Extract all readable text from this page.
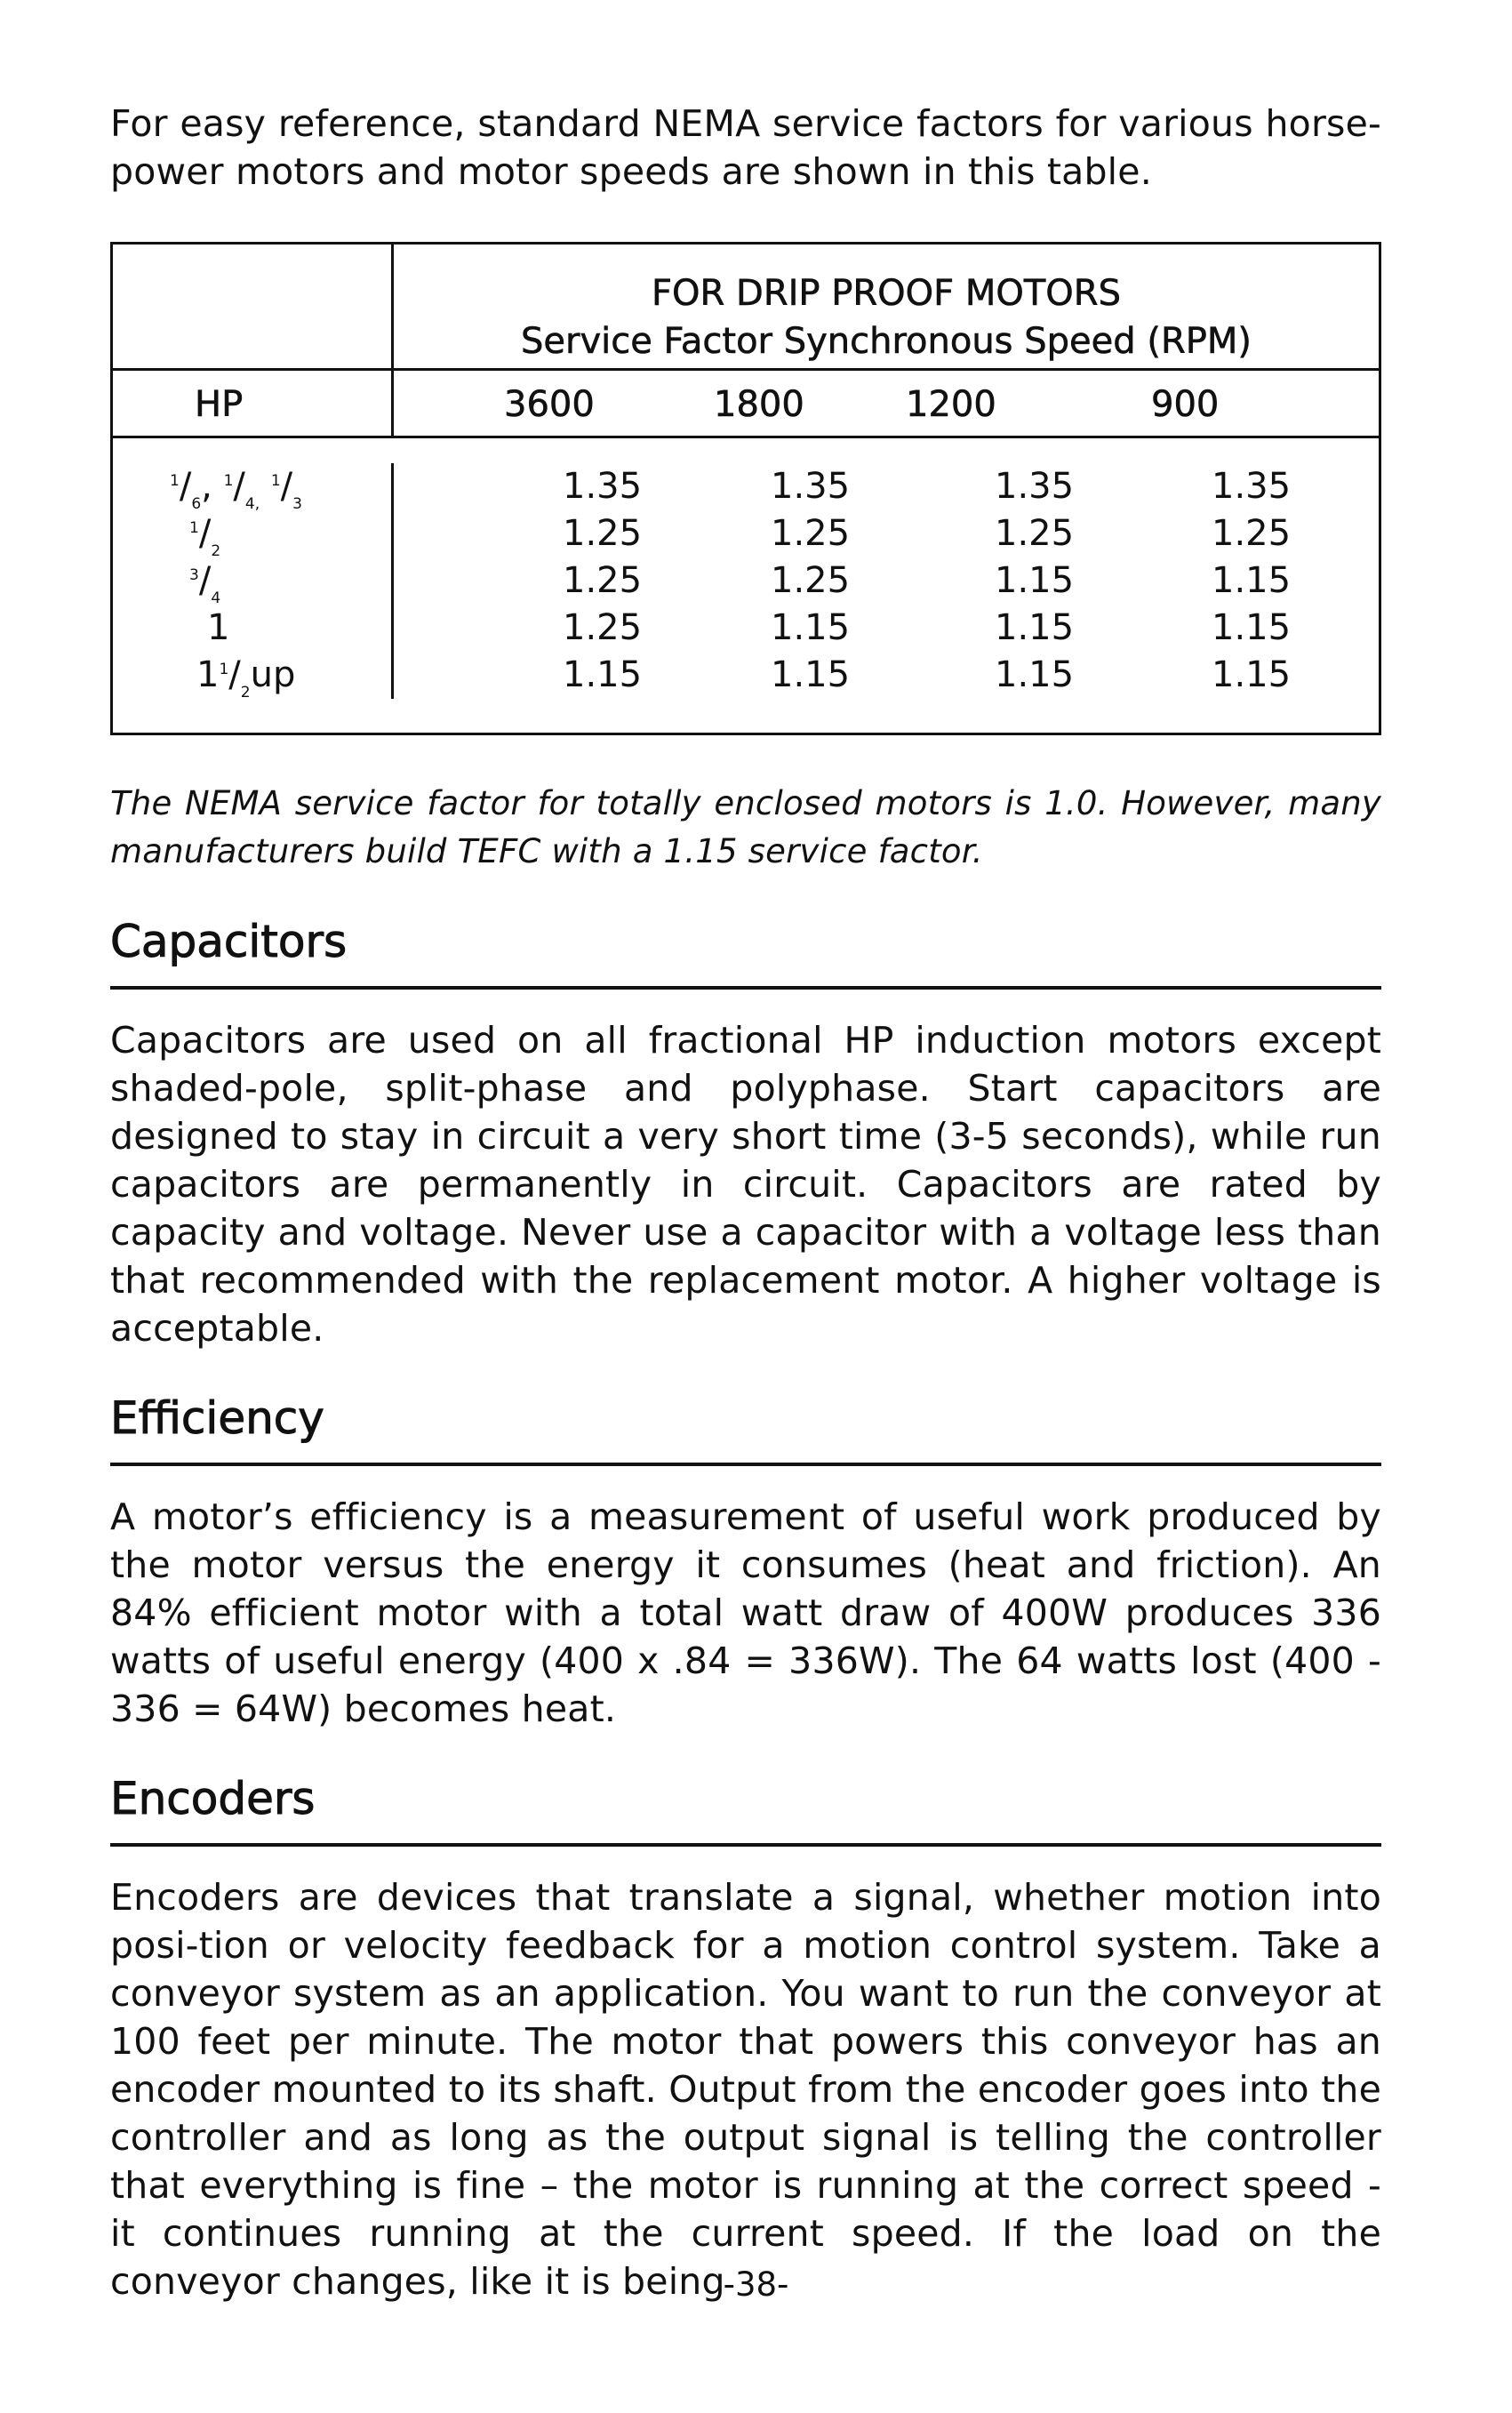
For easy reference, standard NEMA service factors for various horse-power motors and motor speeds are shown in this table.

FOR DRIP PROOF MOTORS
Service Factor Synchronous Speed (RPM)
HP	3600	1800	1200	900
$^1/_6$, $^1/_{4,}$ $^1/_3$	1.35	1.35	1.35	1.35
$^1/_2$	1.25	1.25	1.25	1.25
$^3/_4$	1.25	1.25	1.15	1.15
1	1.25	1.15	1.15	1.15
$1^1/_2up$	1.15	1.15	1.15	1.15

The NEMA service factor for totally enclosed motors is 1.0. However, many manufacturers build TEFC with a 1.15 service factor.

Capacitors

Capacitors are used on all fractional HP induction motors except shaded-pole, split-phase and polyphase. Start capacitors are designed to stay in circuit a very short time (3-5 seconds), while run capacitors are permanently in circuit. Capacitors are rated by capacity and voltage. Never use a capacitor with a voltage less than that recommended with the replacement motor. A higher voltage is acceptable.

Efficiency

A motor’s efficiency is a measurement of useful work produced by the motor versus the energy it consumes (heat and friction). An 84% efficient motor with a total watt draw of 400W produces 336 watts of useful energy (400 x .84 = 336W). The 64 watts lost (400 - 336 = 64W) becomes heat.

Encoders

Encoders are devices that translate a signal, whether motion into posi-tion or velocity feedback for a motion control system. Take a conveyor system as an application. You want to run the conveyor at 100 feet per minute. The motor that powers this conveyor has an encoder mounted to its shaft. Output from the encoder goes into the controller and as long as the output signal is telling the controller that everything is fine – the motor is running at the correct speed - it continues running at the current speed. If the load on the conveyor changes, like it is being

-38-
